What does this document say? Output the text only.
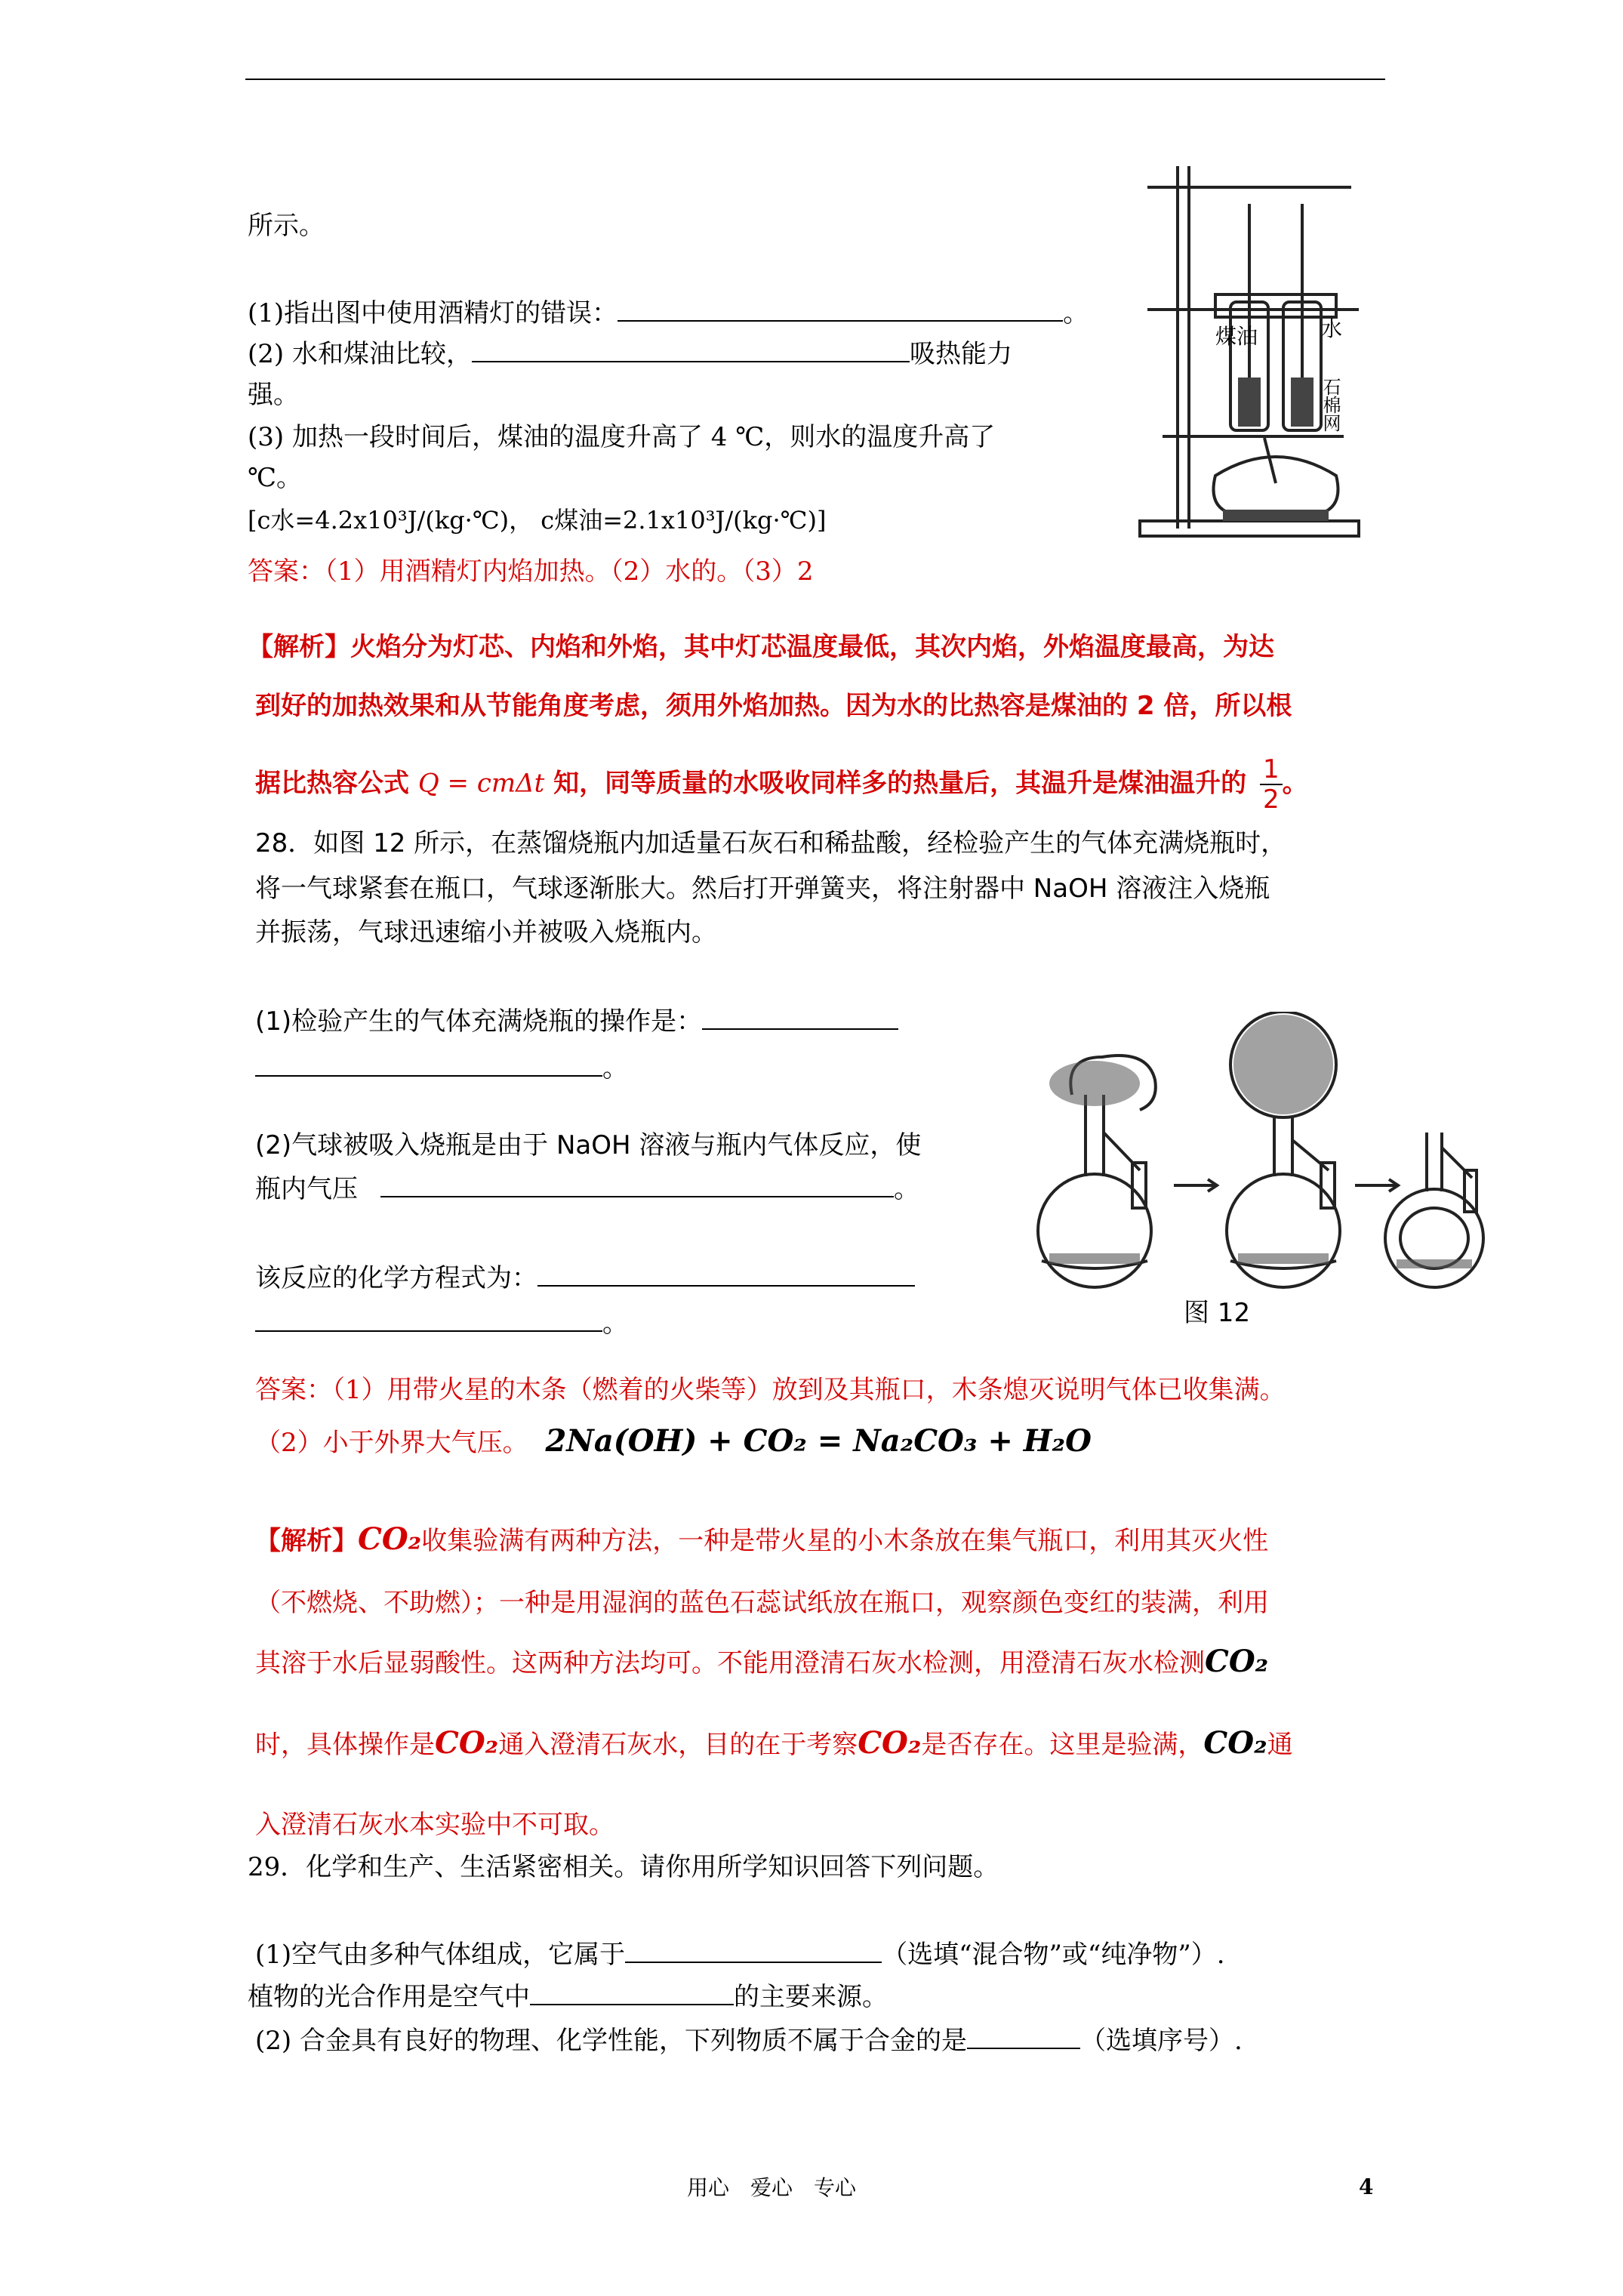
所示。
(1)指出图中使用酒精灯的错误：	。
(2) 水和煤油比较，	吸热能力
强。
(3) 加热一段时间后，煤油的温度升高了 4 ℃，则水的温度升高了
℃。
[c水=4.2x10³J/(kg·℃)， c煤油=2.1x10³J/(kg·℃)]
答案：（1）用酒精灯内焰加热。（2）水的。（3）2
【解析】火焰分为灯芯、内焰和外焰，其中灯芯温度最低，其次内焰，外焰温度最高，为达
到好的加热效果和从节能角度考虑，须用外焰加热。因为水的比热容是煤油的 2 倍，所以根
据比热容公式 Q = cmΔt 知，同等质量的水吸收同样多的热量后，其温升是煤油温升的 $\frac{1}{2}$ 。
煤油	水
石棉网
28．如图 12 所示，在蒸馏烧瓶内加适量石灰石和稀盐酸，经检验产生的气体充满烧瓶时，
将一气球紧套在瓶口，气球逐渐胀大。然后打开弹簧夹，将注射器中 NaOH 溶液注入烧瓶
并振荡，气球迅速缩小并被吸入烧瓶内。
(1)检验产生的气体充满烧瓶的操作是：
。
(2)气球被吸入烧瓶是由于 NaOH 溶液与瓶内气体反应，使
瓶内气压	。
该反应的化学方程式为：
。	图 12
答案：（1）用带火星的木条（燃着的火柴等）放到及其瓶口，木条熄灭说明气体已收集满。
（2）小于外界大气压。 2Na(OH) + CO₂ = Na₂CO₃ + H₂O
【解析】CO₂收集验满有两种方法，一种是带火星的小木条放在集气瓶口，利用其灭火性
（不燃烧、不助燃）；一种是用湿润的蓝色石蕊试纸放在瓶口，观察颜色变红的装满，利用
其溶于水后显弱酸性。这两种方法均可。不能用澄清石灰水检测，用澄清石灰水检测CO₂
时，具体操作是CO₂通入澄清石灰水，目的在于考察CO₂是否存在。这里是验满，CO₂通
入澄清石灰水本实验中不可取。
29．化学和生产、生活紧密相关。请你用所学知识回答下列问题。
(1)空气由多种气体组成，它属于	（选填“混合物”或“纯净物”）.
植物的光合作用是空气中	的主要来源。
(2) 合金具有良好的物理、化学性能，下列物质不属于合金的是	（选填序号）.
用心　爱心　专心	4
